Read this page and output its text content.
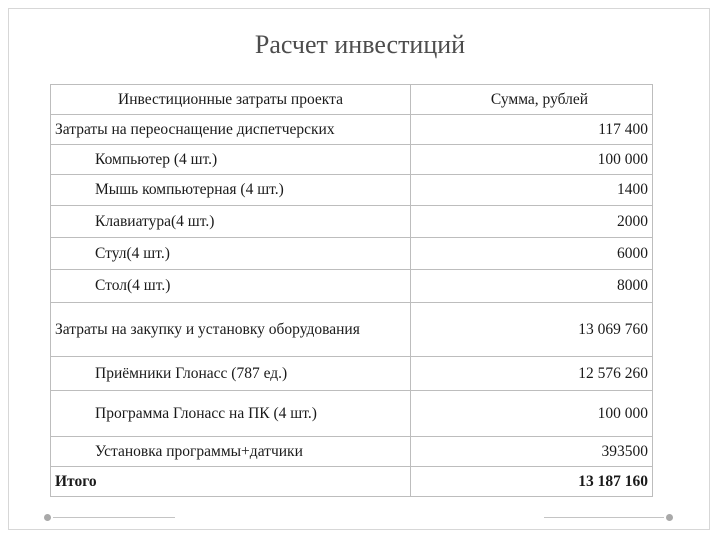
Расчет инвестиций
Инвестиционные затраты проекта	Сумма, рублей
Затраты на переоснащение диспетчерских	117 400
Компьютер (4 шт.)	100 000
Мышь компьютерная (4 шт.)	1400
Клавиатура(4 шт.)	2000
Стул(4 шт.)	6000
Стол(4 шт.)	8000
Затраты на закупку и установку оборудования	13 069 760
Приёмники Глонасс (787 ед.)	12 576 260
Программа Глонасс на ПК (4 шт.)	100 000
Установка программы+датчики	393500
Итого	13 187 160
